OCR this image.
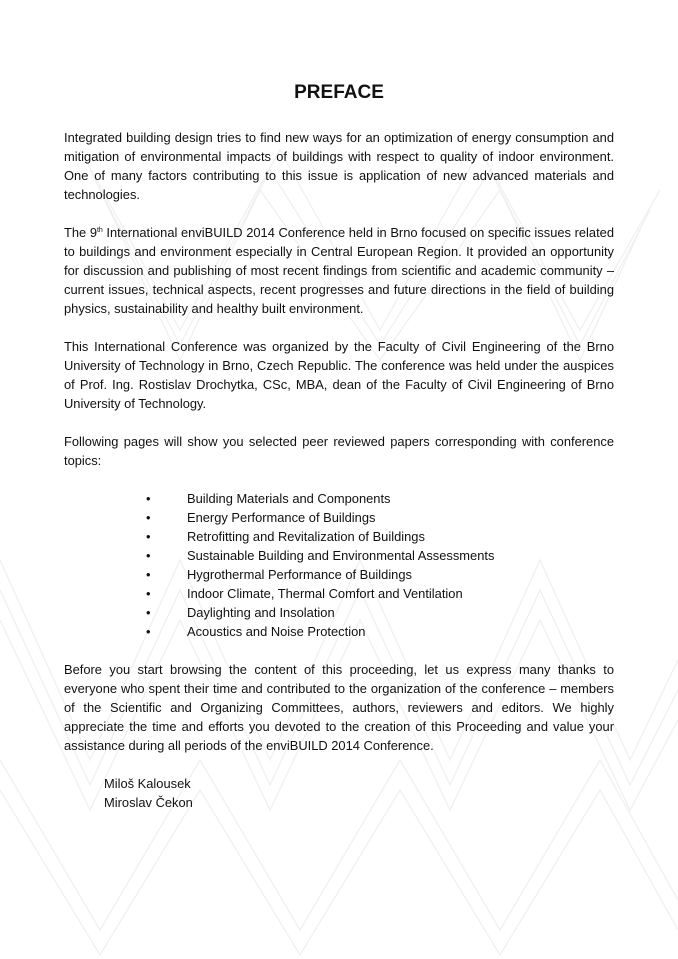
PREFACE

Integrated building design tries to find new ways for an optimization of energy consumption and mitigation of environmental impacts of buildings with respect to quality of indoor environment. One of many factors contributing to this issue is application of new advanced materials and technologies.

The 9th International enviBUILD 2014 Conference held in Brno focused on specific issues related to buildings and environment especially in Central European Region. It provided an opportunity for discussion and publishing of most recent findings from scientific and academic community – current issues, technical aspects, recent progresses and future directions in the field of building physics, sustainability and healthy built environment.

This International Conference was organized by the Faculty of Civil Engineering of the Brno University of Technology in Brno, Czech Republic. The conference was held under the auspices of Prof. Ing. Rostislav Drochytka, CSc, MBA, dean of the Faculty of Civil Engineering of Brno University of Technology.

Following pages will show you selected peer reviewed papers corresponding with conference topics:

•	Building Materials and Components
•	Energy Performance of Buildings
•	Retrofitting and Revitalization of Buildings
•	Sustainable Building and Environmental Assessments
•	Hygrothermal Performance of Buildings
•	Indoor Climate, Thermal Comfort and Ventilation
•	Daylighting and Insolation
•	Acoustics and Noise Protection

Before you start browsing the content of this proceeding, let us express many thanks to everyone who spent their time and contributed to the organization of the conference – members of the Scientific and Organizing Committees, authors, reviewers and editors. We highly appreciate the time and efforts you devoted to the creation of this Proceeding and value your assistance during all periods of the enviBUILD 2014 Conference.

Miloš Kalousek
Miroslav Čekon
